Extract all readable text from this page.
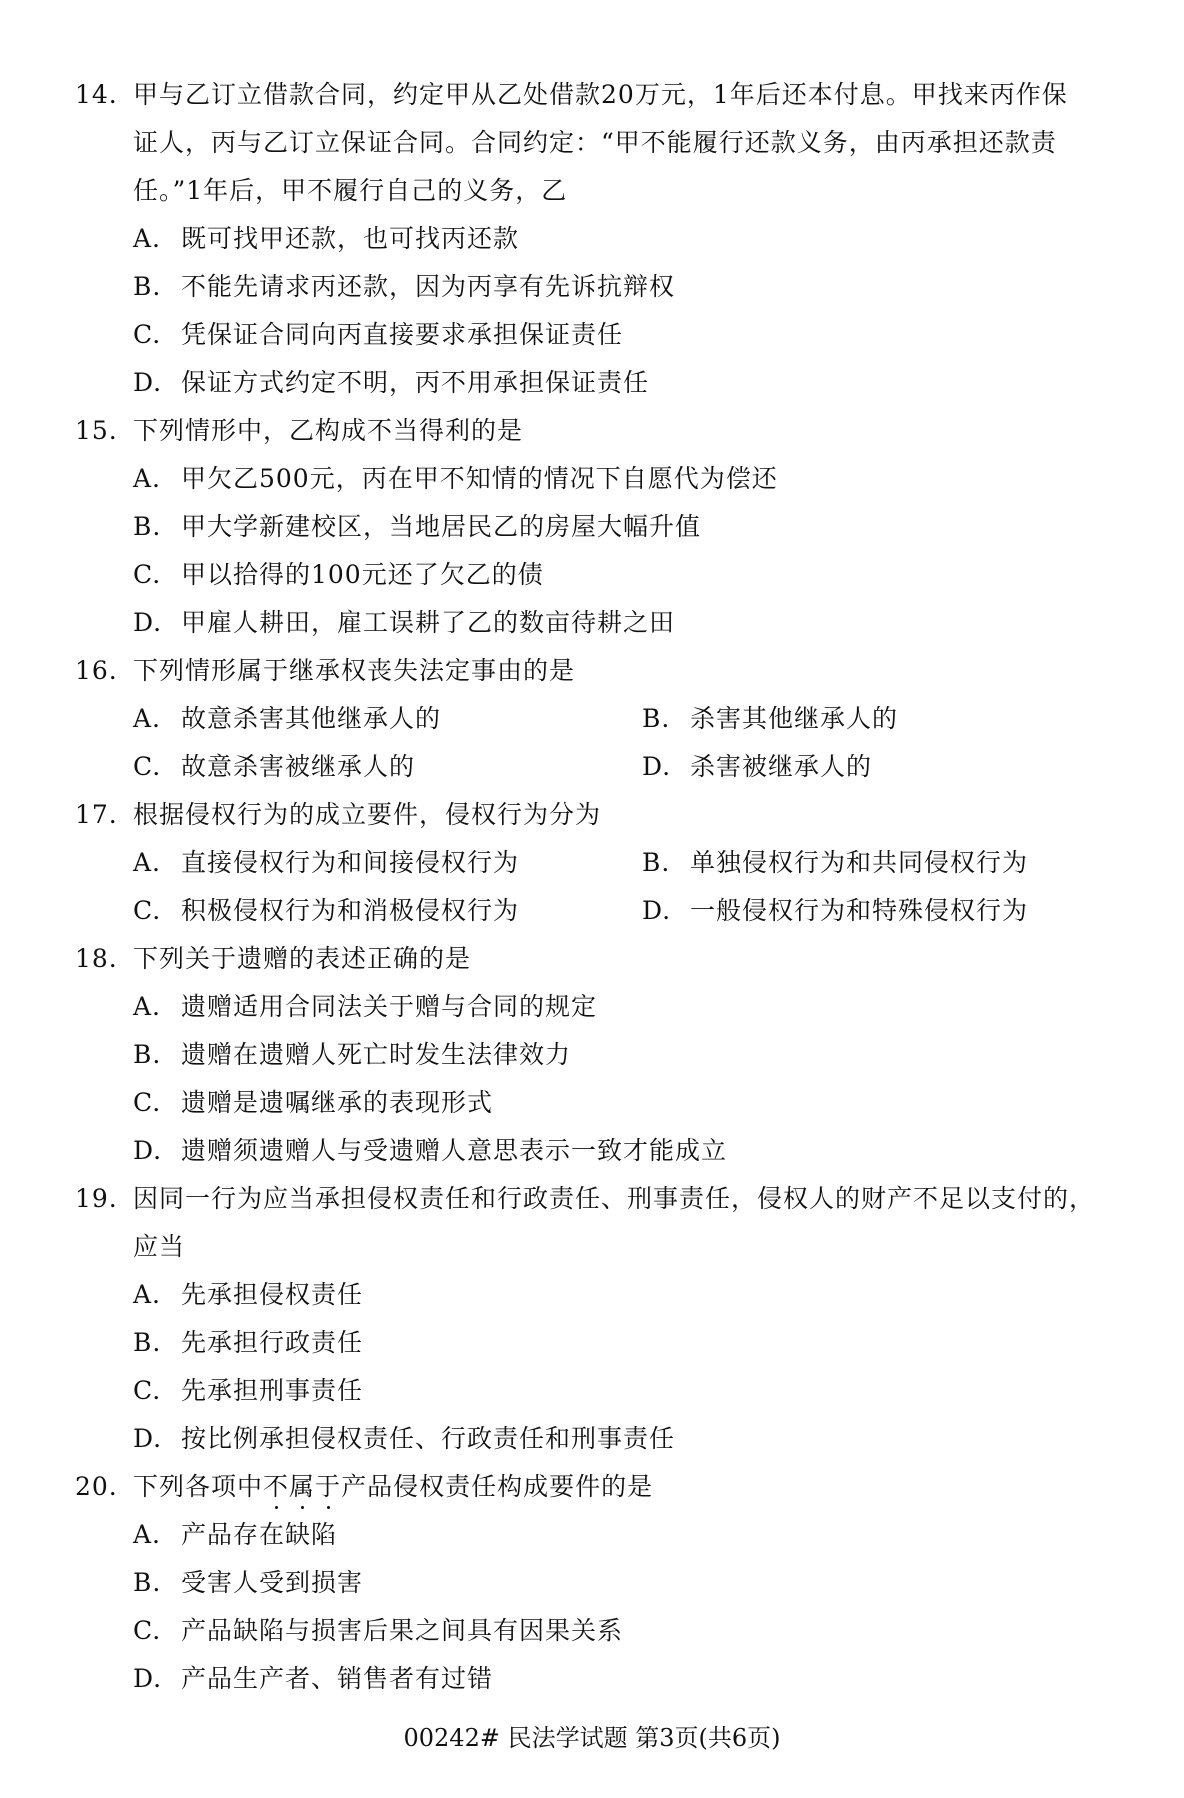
14. 甲与乙订立借款合同，约定甲从乙处借款20万元，1年后还本付息。甲找来丙作保
证人，丙与乙订立保证合同。合同约定：“甲不能履行还款义务，由丙承担还款责
任。”1年后，甲不履行自己的义务，乙
A. 既可找甲还款，也可找丙还款
B. 不能先请求丙还款，因为丙享有先诉抗辩权
C. 凭保证合同向丙直接要求承担保证责任
D. 保证方式约定不明，丙不用承担保证责任
15. 下列情形中，乙构成不当得利的是
A. 甲欠乙500元，丙在甲不知情的情况下自愿代为偿还
B. 甲大学新建校区，当地居民乙的房屋大幅升值
C. 甲以拾得的100元还了欠乙的债
D. 甲雇人耕田，雇工误耕了乙的数亩待耕之田
16. 下列情形属于继承权丧失法定事由的是
A. 故意杀害其他继承人的	B. 杀害其他继承人的
C. 故意杀害被继承人的	D. 杀害被继承人的
17. 根据侵权行为的成立要件，侵权行为分为
A. 直接侵权行为和间接侵权行为	B. 单独侵权行为和共同侵权行为
C. 积极侵权行为和消极侵权行为	D. 一般侵权行为和特殊侵权行为
18. 下列关于遗赠的表述正确的是
A. 遗赠适用合同法关于赠与合同的规定
B. 遗赠在遗赠人死亡时发生法律效力
C. 遗赠是遗嘱继承的表现形式
D. 遗赠须遗赠人与受遗赠人意思表示一致才能成立
19. 因同一行为应当承担侵权责任和行政责任、刑事责任，侵权人的财产不足以支付的，
应当
A. 先承担侵权责任
B. 先承担行政责任
C. 先承担刑事责任
D. 按比例承担侵权责任、行政责任和刑事责任
20. 下列各项中不属于产品侵权责任构成要件的是
A. 产品存在缺陷
B. 受害人受到损害
C. 产品缺陷与损害后果之间具有因果关系
D. 产品生产者、销售者有过错
00242# 民法学试题 第3页(共6页)
